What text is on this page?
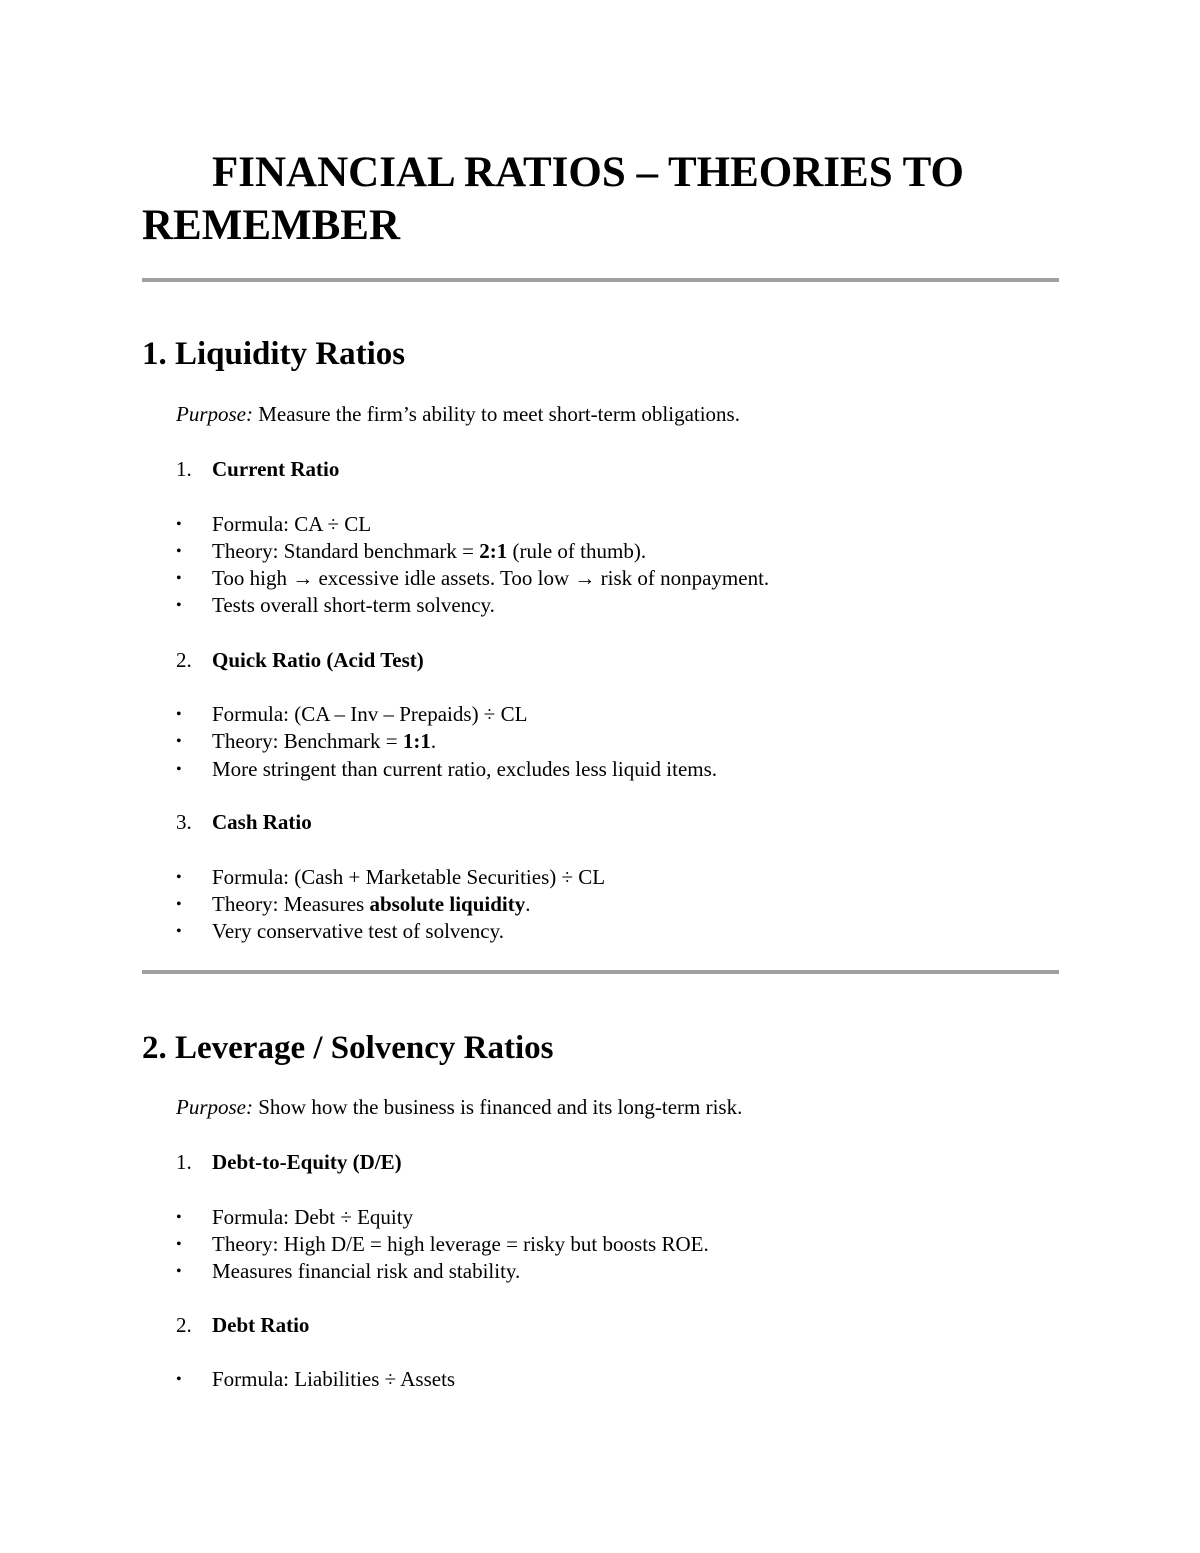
FINANCIAL RATIOS – THEORIES TO
REMEMBER
1. Liquidity Ratios
Purpose: Measure the firm’s ability to meet short-term obligations.
1. Current Ratio
• Formula: CA ÷ CL
• Theory: Standard benchmark = 2:1 (rule of thumb).
• Too high → excessive idle assets. Too low → risk of nonpayment.
• Tests overall short-term solvency.
2. Quick Ratio (Acid Test)
• Formula: (CA – Inv – Prepaids) ÷ CL
• Theory: Benchmark = 1:1.
• More stringent than current ratio, excludes less liquid items.
3. Cash Ratio
• Formula: (Cash + Marketable Securities) ÷ CL
• Theory: Measures absolute liquidity.
• Very conservative test of solvency.
2. Leverage / Solvency Ratios
Purpose: Show how the business is financed and its long-term risk.
1. Debt-to-Equity (D/E)
• Formula: Debt ÷ Equity
• Theory: High D/E = high leverage = risky but boosts ROE.
• Measures financial risk and stability.
2. Debt Ratio
• Formula: Liabilities ÷ Assets
